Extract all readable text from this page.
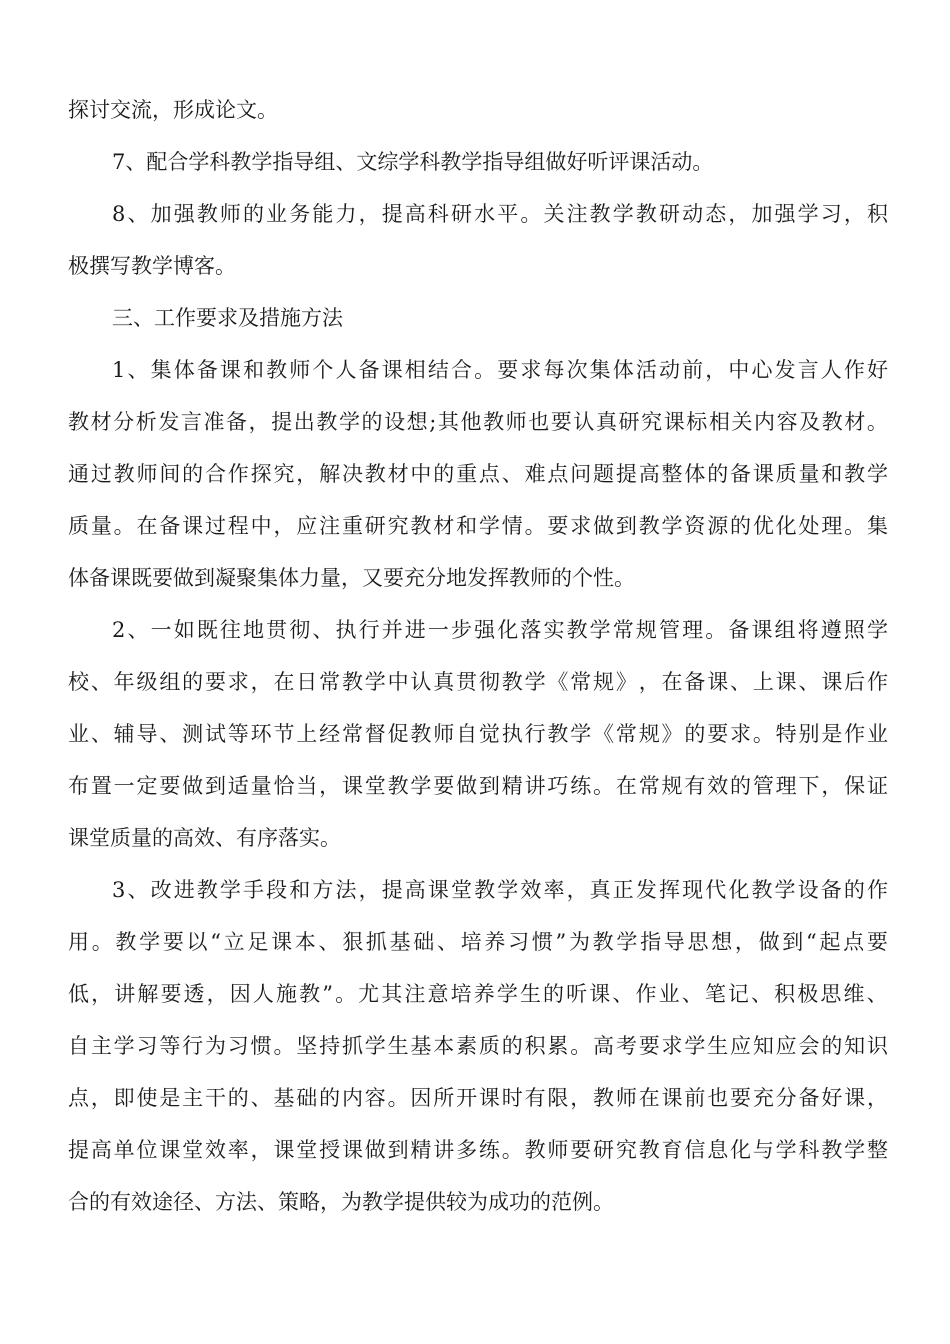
探讨交流，形成论文。
7、配合学科教学指导组、文综学科教学指导组做好听评课活动。
8 、 加 强 教 师 的 业 务 能 力 ， 提 高 科 研 水 平 。 关 注 教 学 教 研 动 态 ， 加 强 学 习 ， 积
极撰写教学博客。
三、工作要求及措施方法
1 、 集 体 备 课 和 教 师 个 人 备 课 相 结 合 。 要 求 每 次 集 体 活 动 前 ， 中 心 发 言 人 作 好
教 材 分 析 发 言 准 备 ， 提 出 教 学 的 设 想 ; 其 他 教 师 也 要 认 真 研 究 课 标 相 关 内 容 及 教 材 。
通 过 教 师 间 的 合 作 探 究 ， 解 决 教 材 中 的 重 点 、 难 点 问 题 提 高 整 体 的 备 课 质 量 和 教 学
质 量 。 在 备 课 过 程 中 ， 应 注 重 研 究 教 材 和 学 情 。 要 求 做 到 教 学 资 源 的 优 化 处 理 。 集
体备课既要做到凝聚集体力量，又要充分地发挥教师的个性。
2 、 一 如 既 往 地 贯 彻 、 执 行 并 进 一 步 强 化 落 实 教 学 常 规 管 理 。 备 课 组 将 遵 照 学
校 、 年 级 组 的 要 求 ， 在 日 常 教 学 中 认 真 贯 彻 教 学 《 常 规 》 ， 在 备 课 、 上 课 、 课 后 作
业 、 辅 导 、 测 试 等 环 节 上 经 常 督 促 教 师 自 觉 执 行 教 学 《 常 规 》 的 要 求 。 特 别 是 作 业
布 置 一 定 要 做 到 适 量 恰 当 ， 课 堂 教 学 要 做 到 精 讲 巧 练 。 在 常 规 有 效 的 管 理 下 ， 保 证
课堂质量的高效、有序落实。
3 、 改 进 教 学 手 段 和 方 法 ， 提 高 课 堂 教 学 效 率 ， 真 正 发 挥 现 代 化 教 学 设 备 的 作
用 。 教 学 要 以 “ 立 足 课 本 、 狠 抓 基 础 、 培 养 习 惯 ” 为 教 学 指 导 思 想 ， 做 到 “ 起 点 要
低 ， 讲 解 要 透 ， 因 人 施 教 ” 。 尤 其 注 意 培 养 学 生 的 听 课 、 作 业 、 笔 记 、 积 极 思 维 、
自 主 学 习 等 行 为 习 惯 。 坚 持 抓 学 生 基 本 素 质 的 积 累 。 高 考 要 求 学 生 应 知 应 会 的 知 识
点 ， 即 使 是 主 干 的 、 基 础 的 内 容 。 因 所 开 课 时 有 限 ， 教 师 在 课 前 也 要 充 分 备 好 课 ，
提 高 单 位 课 堂 效 率 ， 课 堂 授 课 做 到 精 讲 多 练 。 教 师 要 研 究 教 育 信 息 化 与 学 科 教 学 整
合的有效途径、方法、策略，为教学提供较为成功的范例。
